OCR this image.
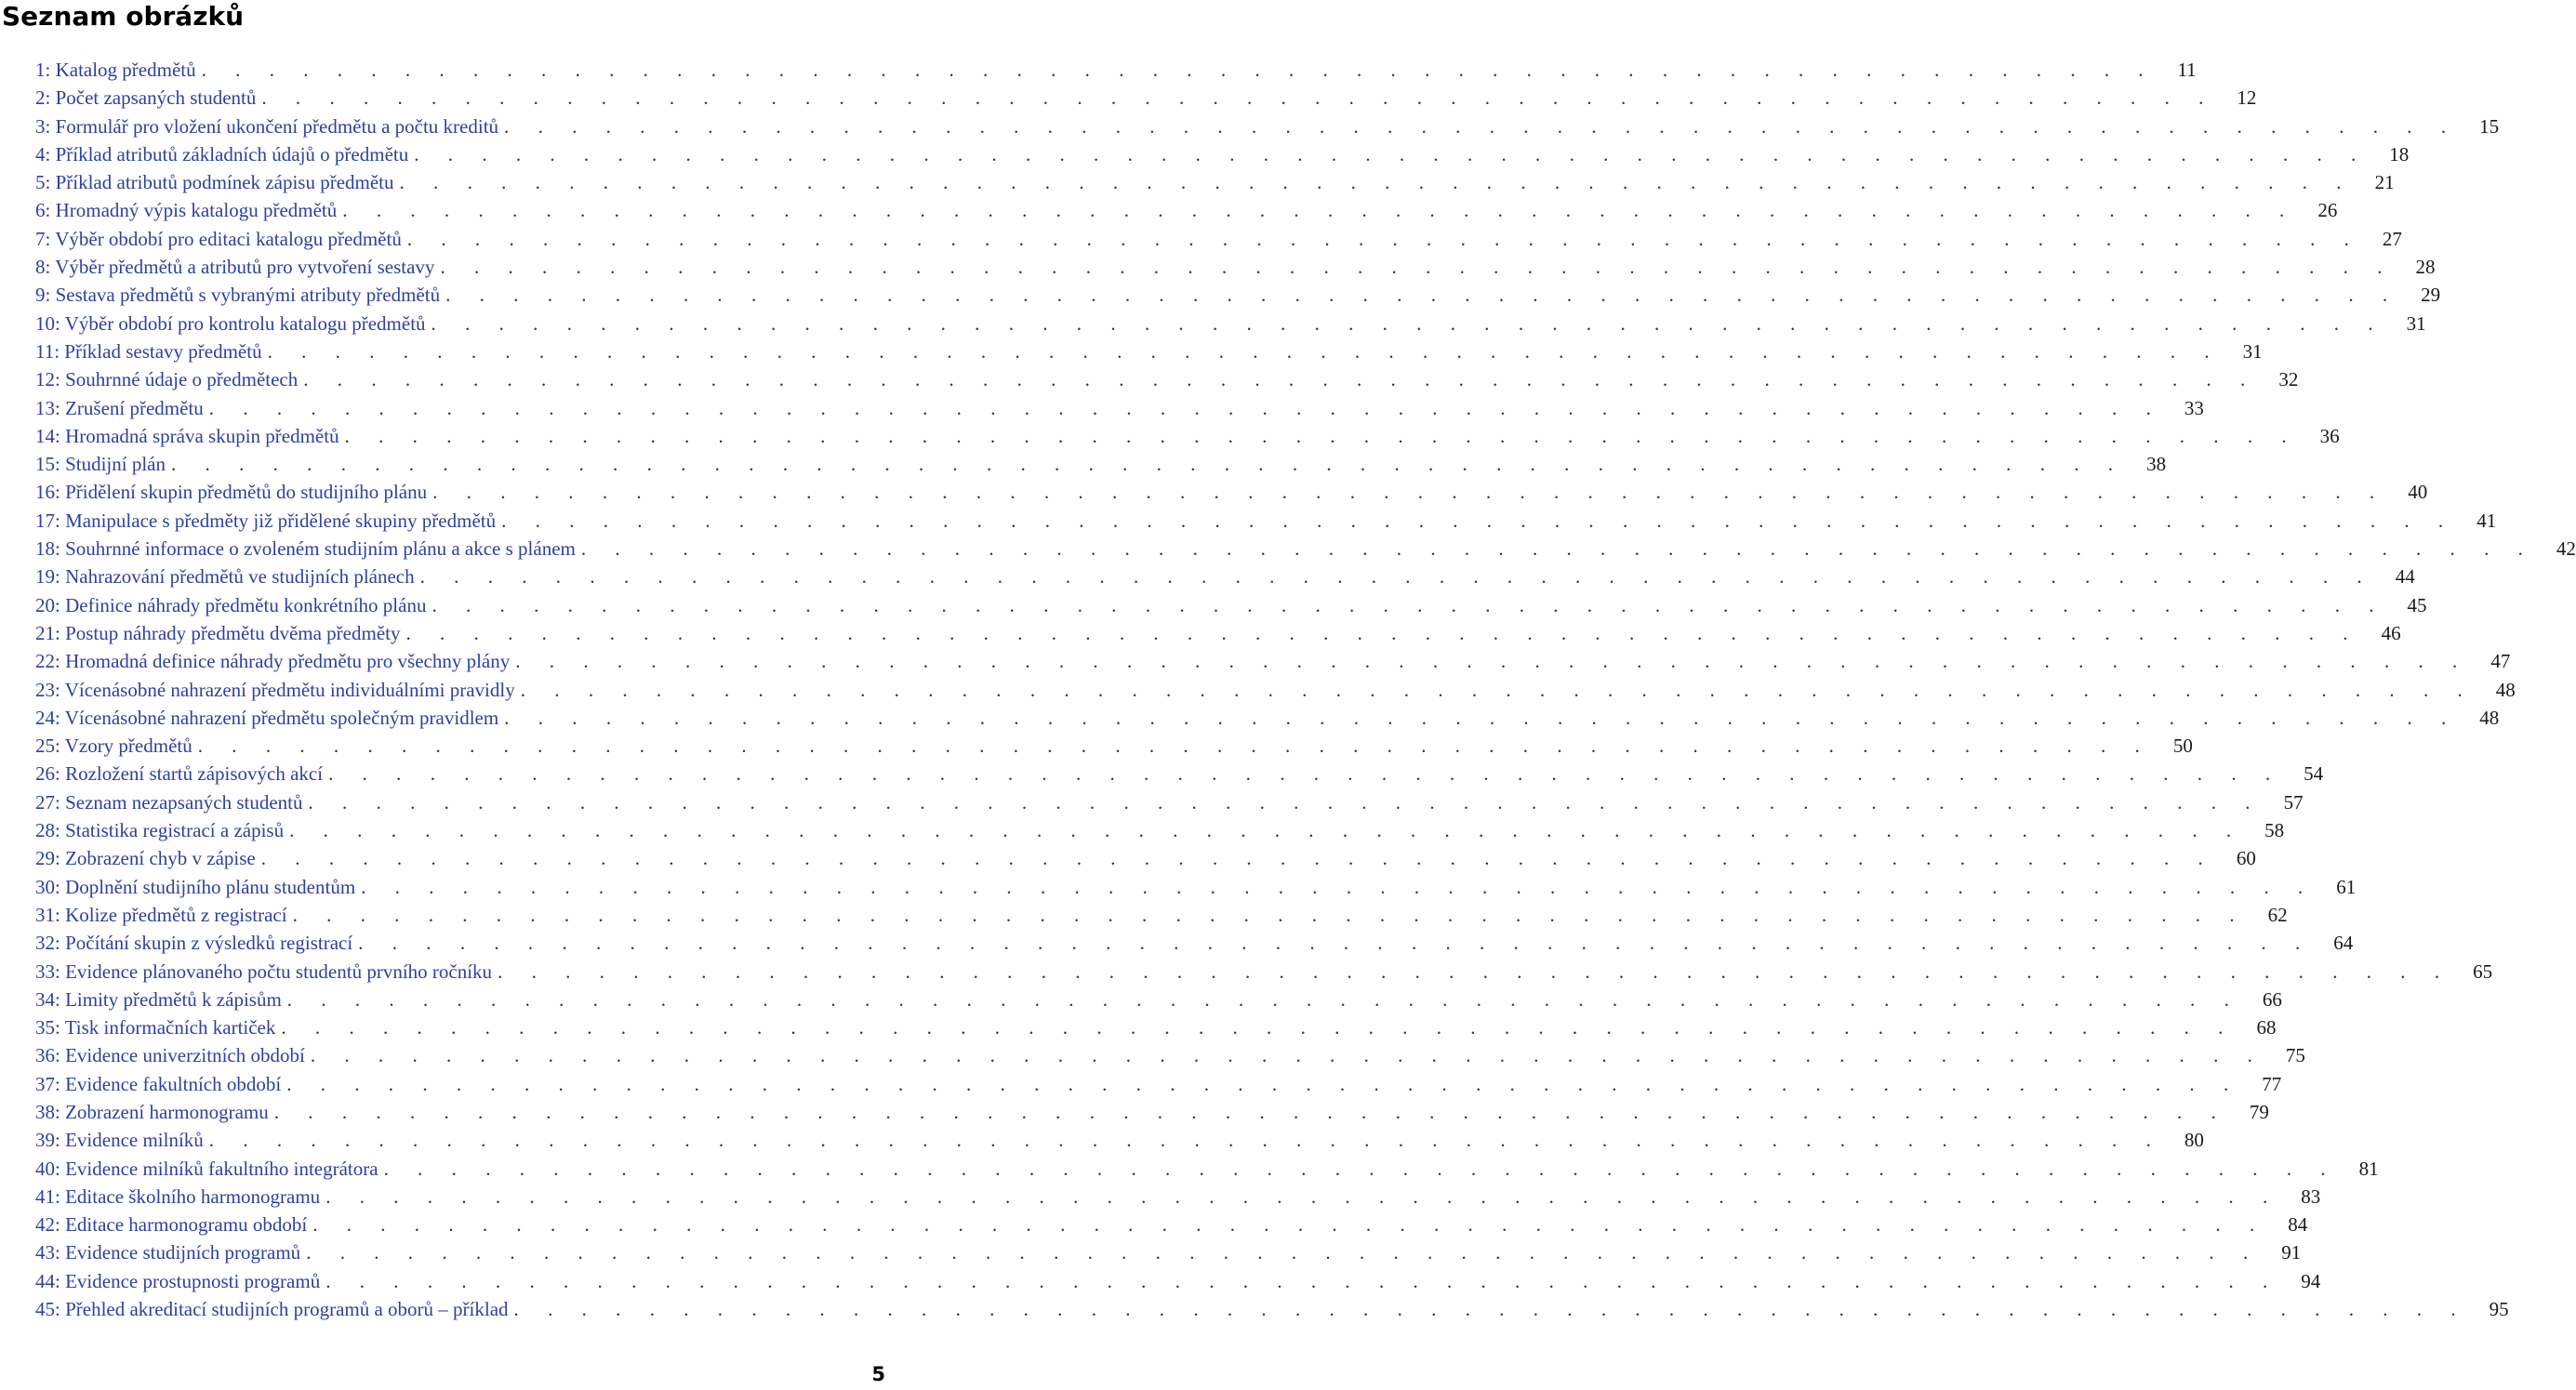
Seznam obrázků
1: Katalog předmětů . . . . . . . . . . . . . . . . . . . . . . . . . . . . . . . . . . . . . . . . . . . . . . . . . . . . . . . . . .	11
2: Počet zapsaných studentů . . . . . . . . . . . . . . . . . . . . . . . . . . . . . . . . . . . . . . . . . . . . . . . . . . . . . . . . . .	12
3: Formulář pro vložení ukončení předmětu a počtu kreditů . . . . . . . . . . . . . . . . . . . . . . . . . . . . . . . . . . . . . . . . . . . . . . . . . . . . . . . . . .	15
4: Příklad atributů základních údajů o předmětu . . . . . . . . . . . . . . . . . . . . . . . . . . . . . . . . . . . . . . . . . . . . . . . . . . . . . . . . . .	18
5: Příklad atributů podmínek zápisu předmětu . . . . . . . . . . . . . . . . . . . . . . . . . . . . . . . . . . . . . . . . . . . . . . . . . . . . . . . . . .	21
6: Hromadný výpis katalogu předmětů . . . . . . . . . . . . . . . . . . . . . . . . . . . . . . . . . . . . . . . . . . . . . . . . . . . . . . . . . .	26
7: Výběr období pro editaci katalogu předmětů . . . . . . . . . . . . . . . . . . . . . . . . . . . . . . . . . . . . . . . . . . . . . . . . . . . . . . . . . .	27
8: Výběr předmětů a atributů pro vytvoření sestavy . . . . . . . . . . . . . . . . . . . . . . . . . . . . . . . . . . . . . . . . . . . . . . . . . . . . . . . . . .	28
9: Sestava předmětů s vybranými atributy předmětů . . . . . . . . . . . . . . . . . . . . . . . . . . . . . . . . . . . . . . . . . . . . . . . . . . . . . . . . . .	29
10: Výběr období pro kontrolu katalogu předmětů . . . . . . . . . . . . . . . . . . . . . . . . . . . . . . . . . . . . . . . . . . . . . . . . . . . . . . . . . .	31
11: Příklad sestavy předmětů . . . . . . . . . . . . . . . . . . . . . . . . . . . . . . . . . . . . . . . . . . . . . . . . . . . . . . . . . .	31
12: Souhrnné údaje o předmětech . . . . . . . . . . . . . . . . . . . . . . . . . . . . . . . . . . . . . . . . . . . . . . . . . . . . . . . . . .	32
13: Zrušení předmětu . . . . . . . . . . . . . . . . . . . . . . . . . . . . . . . . . . . . . . . . . . . . . . . . . . . . . . . . . .	33
14: Hromadná správa skupin předmětů . . . . . . . . . . . . . . . . . . . . . . . . . . . . . . . . . . . . . . . . . . . . . . . . . . . . . . . . . .	36
15: Studijní plán . . . . . . . . . . . . . . . . . . . . . . . . . . . . . . . . . . . . . . . . . . . . . . . . . . . . . . . . . .	38
16: Přidělení skupin předmětů do studijního plánu . . . . . . . . . . . . . . . . . . . . . . . . . . . . . . . . . . . . . . . . . . . . . . . . . . . . . . . . . .	40
17: Manipulace s předměty již přidělené skupiny předmětů . . . . . . . . . . . . . . . . . . . . . . . . . . . . . . . . . . . . . . . . . . . . . . . . . . . . . . . . . .	41
18: Souhrnné informace o zvoleném studijním plánu a akce s plánem . . . . . . . . . . . . . . . . . . . . . . . . . . . . . . . . . . . . . . . . . . . . . . . . . . . . . . . . . .	42
19: Nahrazování předmětů ve studijních plánech . . . . . . . . . . . . . . . . . . . . . . . . . . . . . . . . . . . . . . . . . . . . . . . . . . . . . . . . . .	44
20: Definice náhrady předmětu konkrétního plánu . . . . . . . . . . . . . . . . . . . . . . . . . . . . . . . . . . . . . . . . . . . . . . . . . . . . . . . . . .	45
21: Postup náhrady předmětu dvěma předměty . . . . . . . . . . . . . . . . . . . . . . . . . . . . . . . . . . . . . . . . . . . . . . . . . . . . . . . . . .	46
22: Hromadná definice náhrady předmětu pro všechny plány . . . . . . . . . . . . . . . . . . . . . . . . . . . . . . . . . . . . . . . . . . . . . . . . . . . . . . . . . .	47
23: Vícenásobné nahrazení předmětu individuálními pravidly . . . . . . . . . . . . . . . . . . . . . . . . . . . . . . . . . . . . . . . . . . . . . . . . . . . . . . . . . .	48
24: Vícenásobné nahrazení předmětu společným pravidlem . . . . . . . . . . . . . . . . . . . . . . . . . . . . . . . . . . . . . . . . . . . . . . . . . . . . . . . . . .	48
25: Vzory předmětů . . . . . . . . . . . . . . . . . . . . . . . . . . . . . . . . . . . . . . . . . . . . . . . . . . . . . . . . . .	50
26: Rozložení startů zápisových akcí . . . . . . . . . . . . . . . . . . . . . . . . . . . . . . . . . . . . . . . . . . . . . . . . . . . . . . . . . .	54
27: Seznam nezapsaných studentů . . . . . . . . . . . . . . . . . . . . . . . . . . . . . . . . . . . . . . . . . . . . . . . . . . . . . . . . . .	57
28: Statistika registrací a zápisů . . . . . . . . . . . . . . . . . . . . . . . . . . . . . . . . . . . . . . . . . . . . . . . . . . . . . . . . . .	58
29: Zobrazení chyb v zápise . . . . . . . . . . . . . . . . . . . . . . . . . . . . . . . . . . . . . . . . . . . . . . . . . . . . . . . . . .	60
30: Doplnění studijního plánu studentům . . . . . . . . . . . . . . . . . . . . . . . . . . . . . . . . . . . . . . . . . . . . . . . . . . . . . . . . . .	61
31: Kolize předmětů z registrací . . . . . . . . . . . . . . . . . . . . . . . . . . . . . . . . . . . . . . . . . . . . . . . . . . . . . . . . . .	62
32: Počítání skupin z výsledků registrací . . . . . . . . . . . . . . . . . . . . . . . . . . . . . . . . . . . . . . . . . . . . . . . . . . . . . . . . . .	64
33: Evidence plánovaného počtu studentů prvního ročníku . . . . . . . . . . . . . . . . . . . . . . . . . . . . . . . . . . . . . . . . . . . . . . . . . . . . . . . . . .	65
34: Limity předmětů k zápisům . . . . . . . . . . . . . . . . . . . . . . . . . . . . . . . . . . . . . . . . . . . . . . . . . . . . . . . . . .	66
35: Tisk informačních kartiček . . . . . . . . . . . . . . . . . . . . . . . . . . . . . . . . . . . . . . . . . . . . . . . . . . . . . . . . . .	68
36: Evidence univerzitních období . . . . . . . . . . . . . . . . . . . . . . . . . . . . . . . . . . . . . . . . . . . . . . . . . . . . . . . . . .	75
37: Evidence fakultních období . . . . . . . . . . . . . . . . . . . . . . . . . . . . . . . . . . . . . . . . . . . . . . . . . . . . . . . . . .	77
38: Zobrazení harmonogramu . . . . . . . . . . . . . . . . . . . . . . . . . . . . . . . . . . . . . . . . . . . . . . . . . . . . . . . . . .	79
39: Evidence milníků . . . . . . . . . . . . . . . . . . . . . . . . . . . . . . . . . . . . . . . . . . . . . . . . . . . . . . . . . .	80
40: Evidence milníků fakultního integrátora . . . . . . . . . . . . . . . . . . . . . . . . . . . . . . . . . . . . . . . . . . . . . . . . . . . . . . . . . .	81
41: Editace školního harmonogramu . . . . . . . . . . . . . . . . . . . . . . . . . . . . . . . . . . . . . . . . . . . . . . . . . . . . . . . . . .	83
42: Editace harmonogramu období . . . . . . . . . . . . . . . . . . . . . . . . . . . . . . . . . . . . . . . . . . . . . . . . . . . . . . . . . .	84
43: Evidence studijních programů . . . . . . . . . . . . . . . . . . . . . . . . . . . . . . . . . . . . . . . . . . . . . . . . . . . . . . . . . .	91
44: Evidence prostupnosti programů . . . . . . . . . . . . . . . . . . . . . . . . . . . . . . . . . . . . . . . . . . . . . . . . . . . . . . . . . .	94
45: Přehled akreditací studijních programů a oborů – příklad . . . . . . . . . . . . . . . . . . . . . . . . . . . . . . . . . . . . . . . . . . . . . . . . . . . . . . . . . .	95
5
